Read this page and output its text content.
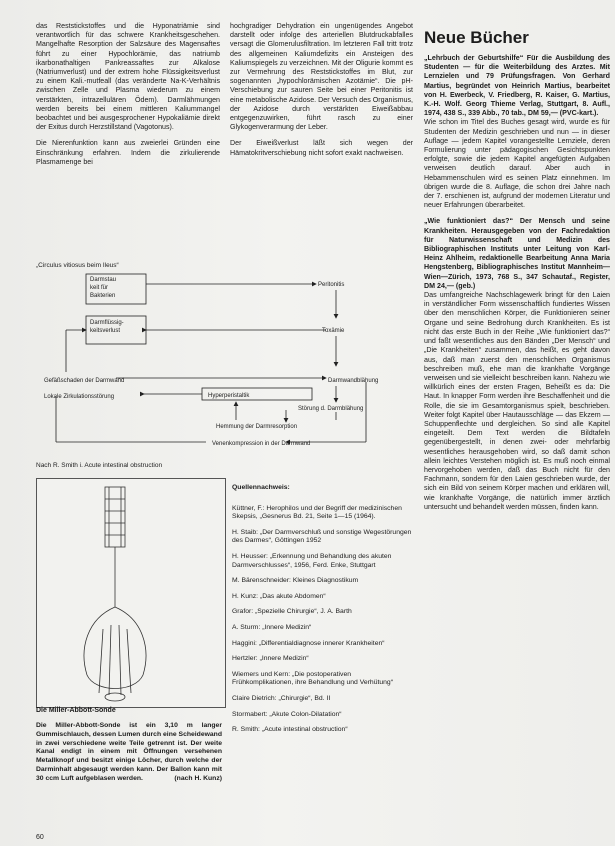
das Reststickstoffes und die Hyponatriämie sind verantwortlich für das schwere Krankheitsgeschehen. Mangelhafte Resorption der Salzsäure des Magensaftes führt zu einer Hypochlorämie, das natriumb ikarbonathaltigen Pankreassaftes zur Alkalose (Natriumverlust) und der extrem hohe Flüssigkeitsverlust zu einem Kali.-mutfeall (das veränderte Na-K-Verhältnis zwischen Zelle und Plasma wiederum zu einem verstärkten, intrazellulären Ödem). Darmlähmungen werden bereits bei einem mittleren Kaliummangel beobachtet und bei ausgesprochener Hypokaliämie direkt der Exitus durch Herzstillstand (Vagotonus).

Die Nierenfunktion kann aus zweierlei Gründen eine Einschränkung erfahren. Indem die zirkulierende Plasmamenge bei

hochgradiger Dehydration ein ungenügendes Angebot darstellt oder infolge des arteriellen Blutdruckabfalles versagt die Glomerulusfiltration. Im letzteren Fall tritt trotz des allgemeinen Kaliumdefizits ein Ansteigen des Kaliumspiegels zu verzeichnen. Mit der Oligurie kommt es zur Vermehrung des Reststickstoffes im Blut, zur sogenannten „hypochlorämischen Azotämie“. Die pH-Verschiebung zur sauren Seite bei einer Peritonitis ist eine metabolische Azidose. Der Versuch des Organismus, der Azidose durch verstärkten Eiweißabbau entgegenzuwirken, führt rasch zu einer Glykogenverarmung der Leber.

Der Eiweißverlust läßt sich wegen der Hämatokritverschiebung nicht sofort exakt nachweisen.

Neue Bücher

„Lehrbuch der Geburtshilfe“ Für die Ausbildung des Studenten — für die Weiterbildung des Arztes. Mit Lernzielen und 79 Prüfungsfragen. Von Gerhard Martius, begründet von Heinrich Martius, bearbeitet von H. Ewerbeck, V. Friedberg, R. Kaiser, G. Martius, K.-H. Wolf. Georg Thieme Verlag, Stuttgart, 8. Aufl., 1974, 438 S., 339 Abb., 70 tab., DM 59,— (PVC-kart.).

Wie schon im Titel des Buches gesagt wird, wurde es für Studenten der Medizin geschrieben und nun — in dieser Auflage — jedem Kapitel vorangestellte Lernziele, deren Formulierung unter pädagogischen Gesichtspunkten erfolgte, sowie die jedem Kapitel angefügten Aufgaben verweisen deutlich darauf. Aber auch in Hebammenschulen wird es seinen Platz einnehmen. Im übrigen wurde die 8. Auflage, die schon drei Jahre nach der 7. erschienen ist, aufgrund der modernen Literatur und neuer Erfahrungen überarbeitet.

„Wie funktioniert das?“ Der Mensch und seine Krankheiten. Herausgegeben von der Fachredaktion für Naturwissenschaft und Medizin des Bibliographischen Instituts unter Leitung von Karl-Heinz Ahlheim, redaktionelle Bearbeitung Anna Maria Hengstenberg, Bibliographisches Institut Mannheim—Wien—Zürich, 1973, 768 S., 347 Schautaf., Register, DM 24,— (geb.)

Das umfangreiche Nachschlagewerk bringt für den Laien in verständlicher Form wissenschaftlich fundiertes Wissen über den menschlichen Körper, die Funktionieren seiner Organe und seine Bedrohung durch Krankheiten. Es ist nicht das erste Buch in der Reihe „Wie funktioniert das?“ und faßt wesentliches aus den Bänden „Der Mensch“ und „Die Krankheiten“ zusammen, das heißt, es geht davon aus, daß man zuerst den menschlichen Organismus beschreiben muß, ehe man die krankhafte Vorgänge verweisen und sie vielleicht beschreiben kann. Nahezu wie willkürlich eines der ersten Fragen, Beheißt es da: Die Haut. In knapper Form werden ihre Beschaffenheit und die Rolle, die sie im Gesamtorganismus spielt, beschrieben. Weiter folgt Kapitel über Hautausschläge — das Ekzem — Schuppenflechte und dergleichen. So sind alle Kapitel eingeteilt. Dem Text werden die Bildtafeln gegenübergestellt, in denen zwei- oder mehrfarbig wesentliches herausgehoben wird, so daß damit schon allein leichtes Verstehen möglich ist. Es muß noch einmal hervorgehoben werden, daß das Buch nicht für den Fachmann, sondern für den Laien geschrieben wurde, der sich ein Bild von seinem Körper machen und erklären will, wie krankhafte Vorgänge, die natürlich immer ärztlich untersucht und behandelt werden müssen, finden kann.

„Circulus vitiosus beim Ileus“
Darmstau
keit für
Bakterien
Darmflüssig-
keitsverlust
Peritonitis
Toxämie
Gefäßschaden der Darmwand	Darmwandblähung
Hyperperistaltik
Lokale Zirkulationsstörung
Störung d. Darmblähung
Hemmung der Darmresorption
Venenkompression in der Darmwand
Nach R. Smith i. Acute intestinal obstruction
Die Miller-Abbott-Sonde
Die Miller-Abbott-Sonde ist ein 3,10 m langer Gummischlauch, dessen Lumen durch eine Scheidewand in zwei verschiedene weite Teile getrennt ist. Der weite Kanal endigt in einem mit Öffnungen versehenen Metallknopf und besitzt einige Löcher, durch welche der Darminhalt abgesaugt werden kann. Der Ballon kann mit 30 ccm Luft aufgeblasen werden.	(nach H. Kunz)
Quellennachweis:
Küttner, F.: Herophilos und der Begriff der medizinischen Skepsis, „Gesnerus Bd. 21, Seite 1—15 (1964).
H. Staib: „Der Darmverschluß und sonstige Wegestörungen des Darmes“, Göttingen 1952
H. Heusser: „Erkennung und Behandlung des akuten Darmverschlusses“, 1956, Ferd. Enke, Stuttgart
M. Bärenschneider: Kleines Diagnostikum
H. Kunz: „Das akute Abdomen“
Grafor: „Spezielle Chirurgie“, J. A. Barth
A. Sturm: „Innere Medizin“
Haggini: „Differentialdiagnose innerer Krankheiten“
Hertzler: „Innere Medizin“
Wiemers und Kern: „Die postoperativen Frühkomplikationen, ihre Behandlung und Verhütung“
Claire Dietrich: „Chirurgie“, Bd. II
Stormabert: „Akute Colon-Dilatation“
R. Smith: „Acute intestinal obstruction“
60
